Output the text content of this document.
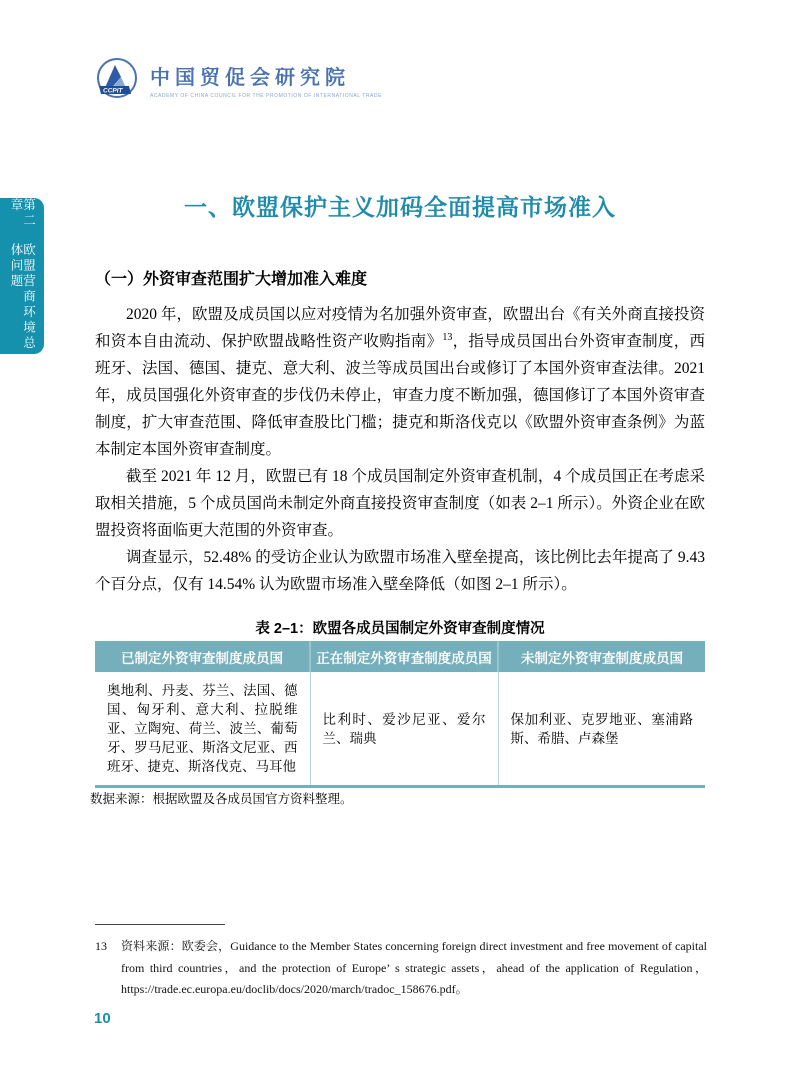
CCPIT
中国贸促会研究院
ACADEMY OF CHINA COUNCIL FOR THE PROMOTION OF INTERNATIONAL TRADE
第二章
欧盟营商环境总体问题
一、欧盟保护主义加码全面提高市场准入
（一）外资审查范围扩大增加准入难度

2020 年，欧盟及成员国以应对疫情为名加强外资审查，欧盟出台《有关外商直接投资和资本自由流动、保护欧盟战略性资产收购指南》$^{13}$，指导成员国出台外资审查制度，西班牙、法国、德国、捷克、意大利、波兰等成员国出台或修订了本国外资审查法律。2021 年，成员国强化外资审查的步伐仍未停止，审查力度不断加强，德国修订了本国外资审查制度，扩大审查范围、降低审查股比门槛；捷克和斯洛伐克以《欧盟外资审查条例》为蓝本制定本国外资审查制度。

截至 2021 年 12 月，欧盟已有 18 个成员国制定外资审查机制，4 个成员国正在考虑采取相关措施，5 个成员国尚未制定外商直接投资审查制度（如表 2–1 所示）。外资企业在欧盟投资将面临更大范围的外资审查。

调查显示，52.48% 的受访企业认为欧盟市场准入壁垒提高，该比例比去年提高了 9.43 个百分点，仅有 14.54% 认为欧盟市场准入壁垒降低（如图 2–1 所示）。

表 2–1：欧盟各成员国制定外资审查制度情况
已制定外资审查制度成员国	正在制定外资审查制度成员国	未制定外资审查制度成员国
奥地利、丹麦、芬兰、法国、德国、匈牙利、意大利、拉脱维亚、立陶宛、荷兰、波兰、葡萄牙、罗马尼亚、斯洛文尼亚、西班牙、捷克、斯洛伐克、马耳他	比利时、爱沙尼亚、爱尔兰、瑞典	保加利亚、克罗地亚、塞浦路斯、希腊、卢森堡
数据来源：根据欧盟及各成员国官方资料整理。
13	资料来源：欧委会，Guidance to the Member States concerning foreign direct investment and free movement of capital from third countries，and the protection of Europe’ s strategic assets，ahead of the application of Regulation，https://trade.ec.europa.eu/doclib/docs/2020/march/tradoc_158676.pdf。
10
